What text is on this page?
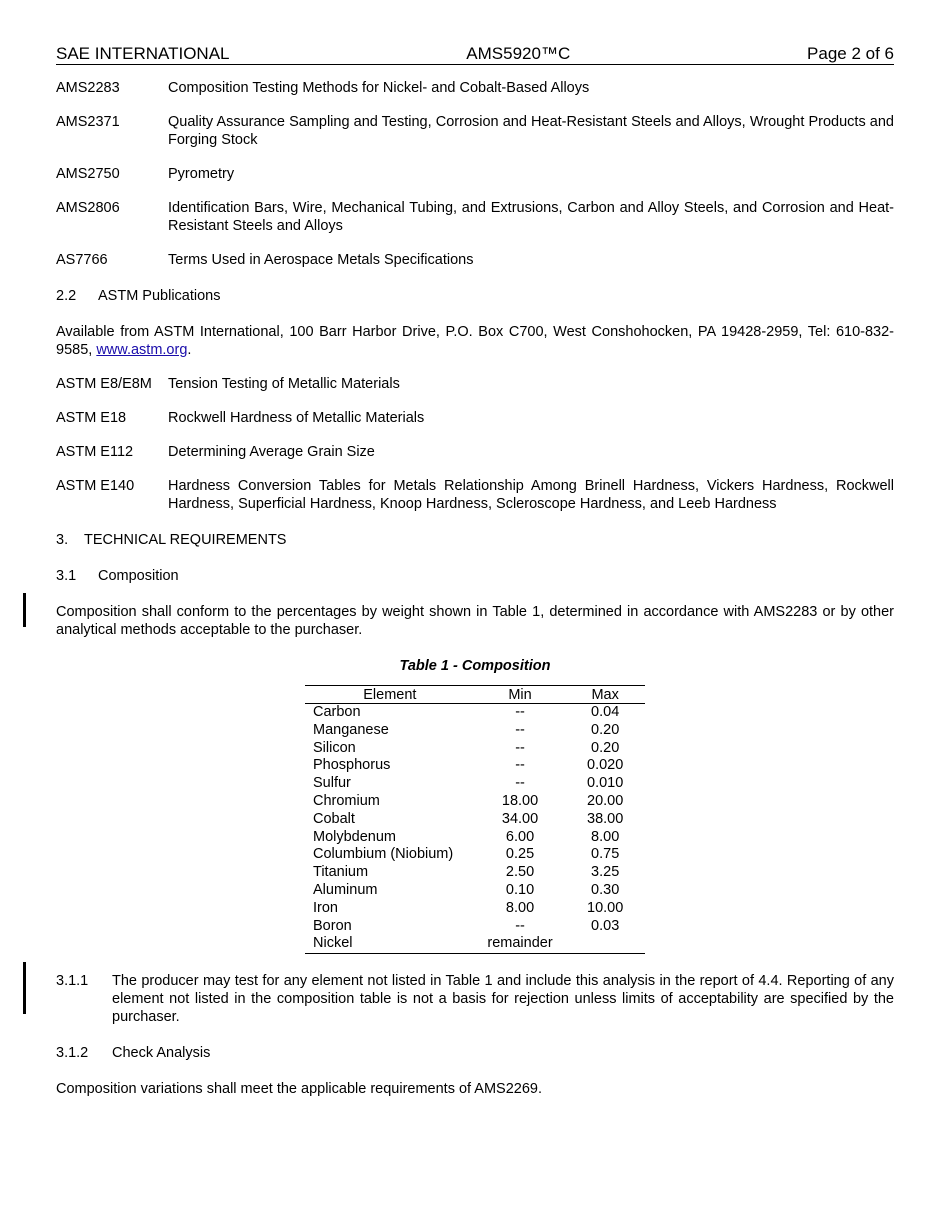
SAE INTERNATIONAL	AMS5920™C	Page 2 of 6
AMS2283	Composition Testing Methods for Nickel- and Cobalt-Based Alloys
AMS2371	Quality Assurance Sampling and Testing, Corrosion and Heat-Resistant Steels and Alloys, Wrought Products and Forging Stock
AMS2750	Pyrometry
AMS2806	Identification Bars, Wire, Mechanical Tubing, and Extrusions, Carbon and Alloy Steels, and Corrosion and Heat-Resistant Steels and Alloys
AS7766	Terms Used in Aerospace Metals Specifications
2.2 ASTM Publications
Available from ASTM International, 100 Barr Harbor Drive, P.O. Box C700, West Conshohocken, PA 19428-2959, Tel: 610-832-9585, www.astm.org.
ASTM E8/E8M	Tension Testing of Metallic Materials
ASTM E18	Rockwell Hardness of Metallic Materials
ASTM E112	Determining Average Grain Size
ASTM E140	Hardness Conversion Tables for Metals Relationship Among Brinell Hardness, Vickers Hardness, Rockwell Hardness, Superficial Hardness, Knoop Hardness, Scleroscope Hardness, and Leeb Hardness
3. TECHNICAL REQUIREMENTS
3.1 Composition
Composition shall conform to the percentages by weight shown in Table 1, determined in accordance with AMS2283 or by other analytical methods acceptable to the purchaser.
Table 1 - Composition
Element	Min	Max
Carbon	--	0.04
Manganese	--	0.20
Silicon	--	0.20
Phosphorus	--	0.020
Sulfur	--	0.010
Chromium	18.00	20.00
Cobalt	34.00	38.00
Molybdenum	6.00	8.00
Columbium (Niobium)	0.25	0.75
Titanium	2.50	3.25
Aluminum	0.10	0.30
Iron	8.00	10.00
Boron	--	0.03
Nickel	remainder	
3.1.1	The producer may test for any element not listed in Table 1 and include this analysis in the report of 4.4. Reporting of any element not listed in the composition table is not a basis for rejection unless limits of acceptability are specified by the purchaser.
3.1.2	Check Analysis
Composition variations shall meet the applicable requirements of AMS2269.
